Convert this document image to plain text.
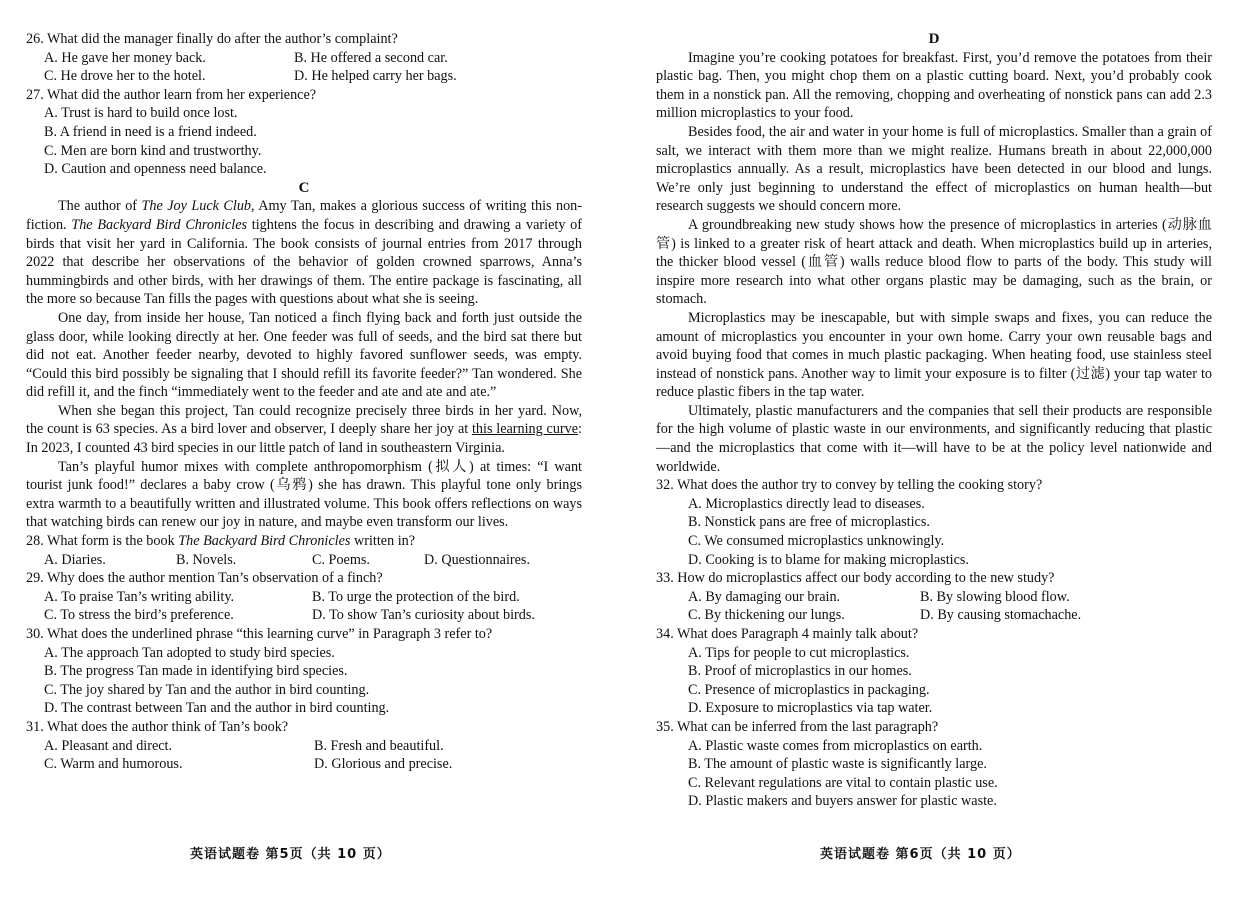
26. What did the manager finally do after the author’s complaint?

A. He gave her money back.	B. He offered a second car.
C. He drove her to the hotel.	D. He helped carry her bags.

27. What did the author learn from her experience?

A. Trust is hard to build once lost.

B. A friend in need is a friend indeed.

C. Men are born kind and trustworthy.

D. Caution and openness need balance.

C

The author of The Joy Luck Club, Amy Tan, makes a glorious success of writing this non-fiction. The Backyard Bird Chronicles tightens the focus in describing and drawing a variety of birds that visit her yard in California. The book consists of journal entries from 2017 through 2022 that describe her observations of the behavior of golden crowned sparrows, Anna’s hummingbirds and other birds, with her drawings of them. The entire package is fascinating, all the more so because Tan fills the pages with questions about what she is seeing.

One day, from inside her house, Tan noticed a finch flying back and forth just outside the glass door, while looking directly at her. One feeder was full of seeds, and the bird sat there but did not eat. Another feeder nearby, devoted to highly favored sunflower seeds, was empty. “Could this bird possibly be signaling that I should refill its favorite feeder?” Tan wondered. She did refill it, and the finch “immediately went to the feeder and ate and ate and ate.”

When she began this project, Tan could recognize precisely three birds in her yard. Now, the count is 63 species. As a bird lover and observer, I deeply share her joy at this learning curve: In 2023, I counted 43 bird species in our little patch of land in southeastern Virginia.

Tan’s playful humor mixes with complete anthropomorphism (拟人) at times: “I want tourist junk food!” declares a baby crow (乌鸦) she has drawn. This playful tone only brings extra warmth to a beautifully written and illustrated volume. This book offers reflections on ways that watching birds can renew our joy in nature, and maybe even transform our lives.

28. What form is the book The Backyard Bird Chronicles written in?

A. Diaries.	B. Novels.	C. Poems.	D. Questionnaires.

29. Why does the author mention Tan’s observation of a finch?

A. To praise Tan’s writing ability.	B. To urge the protection of the bird.
C. To stress the bird’s preference.	D. To show Tan’s curiosity about birds.

30. What does the underlined phrase “this learning curve” in Paragraph 3 refer to?

A. The approach Tan adopted to study bird species.

B. The progress Tan made in identifying bird species.

C. The joy shared by Tan and the author in bird counting.

D. The contrast between Tan and the author in bird counting.

31. What does the author think of Tan’s book?

A. Pleasant and direct.	B. Fresh and beautiful.
C. Warm and humorous.	D. Glorious and precise.
英语试题卷 第5页（共 10 页）

D

Imagine you’re cooking potatoes for breakfast. First, you’d remove the potatoes from their plastic bag. Then, you might chop them on a plastic cutting board. Next, you’d probably cook them in a nonstick pan. All the removing, chopping and overheating of nonstick pans can add 2.3 million microplastics to your food.

Besides food, the air and water in your home is full of microplastics. Smaller than a grain of salt, we interact with them more than we might realize. Humans breath in about 22,000,000 microplastics annually. As a result, microplastics have been detected in our blood and lungs. We’re only just beginning to understand the effect of microplastics on human health—but research suggests we should concern more.

A groundbreaking new study shows how the presence of microplastics in arteries (动脉血管) is linked to a greater risk of heart attack and death. When microplastics build up in arteries, the thicker blood vessel (血管) walls reduce blood flow to parts of the body. This study will inspire more research into what other organs plastic may be damaging, such as the brain, or stomach.

Microplastics may be inescapable, but with simple swaps and fixes, you can reduce the amount of microplastics you encounter in your own home. Carry your own reusable bags and avoid buying food that comes in much plastic packaging. When heating food, use stainless steel instead of nonstick pans. Another way to limit your exposure is to filter (过滤) your tap water to reduce plastic fibers in the tap water.

Ultimately, plastic manufacturers and the companies that sell their products are responsible for the high volume of plastic waste in our environments, and significantly reducing that plastic—and the microplastics that come with it—will have to be at the policy level nationwide and worldwide.

32. What does the author try to convey by telling the cooking story?

A. Microplastics directly lead to diseases.

B. Nonstick pans are free of microplastics.

C. We consumed microplastics unknowingly.

D. Cooking is to blame for making microplastics.

33. How do microplastics affect our body according to the new study?

A. By damaging our brain.	B. By slowing blood flow.
C. By thickening our lungs.	D. By causing stomachache.

34. What does Paragraph 4 mainly talk about?

A. Tips for people to cut microplastics.

B. Proof of microplastics in our homes.

C. Presence of microplastics in packaging.

D. Exposure to microplastics via tap water.

35. What can be inferred from the last paragraph?

A. Plastic waste comes from microplastics on earth.

B. The amount of plastic waste is significantly large.

C. Relevant regulations are vital to contain plastic use.

D. Plastic makers and buyers answer for plastic waste.

英语试题卷 第6页（共 10 页）
